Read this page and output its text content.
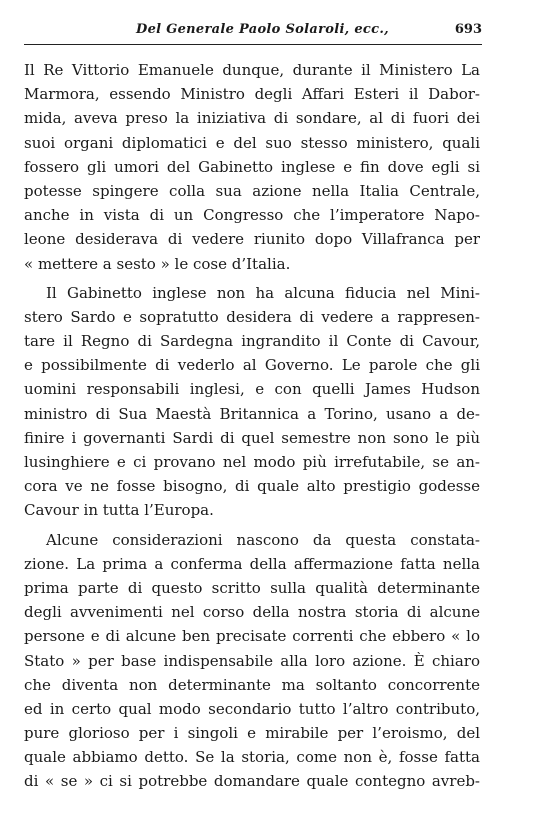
Del Generale Paolo Solaroli, ecc.,	693
Il Re Vittorio Emanuele dunque, durante il Ministero La
Marmora, essendo Ministro degli Affari Esteri il Dabor-
mida, aveva preso la iniziativa di sondare, al di fuori dei
suoi organi diplomatici e del suo stesso ministero, quali
fossero gli umori del Gabinetto inglese e fin dove egli si
potesse spingere colla sua azione nella Italia Centrale,
anche in vista di un Congresso che l’imperatore Napo-
leone desiderava di vedere riunito dopo Villafranca per
« mettere a sesto » le cose d’Italia.
Il Gabinetto inglese non ha alcuna fiducia nel Mini-
stero Sardo e sopratutto desidera di vedere a rappresen-
tare il Regno di Sardegna ingrandito il Conte di Cavour,
e possibilmente di vederlo al Governo. Le parole che gli
uomini responsabili inglesi, e con quelli James Hudson
ministro di Sua Maestà Britannica a Torino, usano a de-
finire i governanti Sardi di quel semestre non sono le più
lusinghiere e ci provano nel modo più irrefutabile, se an-
cora ve ne fosse bisogno, di quale alto prestigio godesse
Cavour in tutta l’Europa.
Alcune considerazioni nascono da questa constata-
zione. La prima a conferma della affermazione fatta nella
prima parte di questo scritto sulla qualità determinante
degli avvenimenti nel corso della nostra storia di alcune
persone e di alcune ben precisate correnti che ebbero « lo
Stato » per base indispensabile alla loro azione. È chiaro
che diventa non determinante ma soltanto concorrente
ed in certo qual modo secondario tutto l’altro contributo,
pure glorioso per i singoli e mirabile per l’eroismo, del
quale abbiamo detto. Se la storia, come non è, fosse fatta
di « se » ci si potrebbe domandare quale contegno avreb-
